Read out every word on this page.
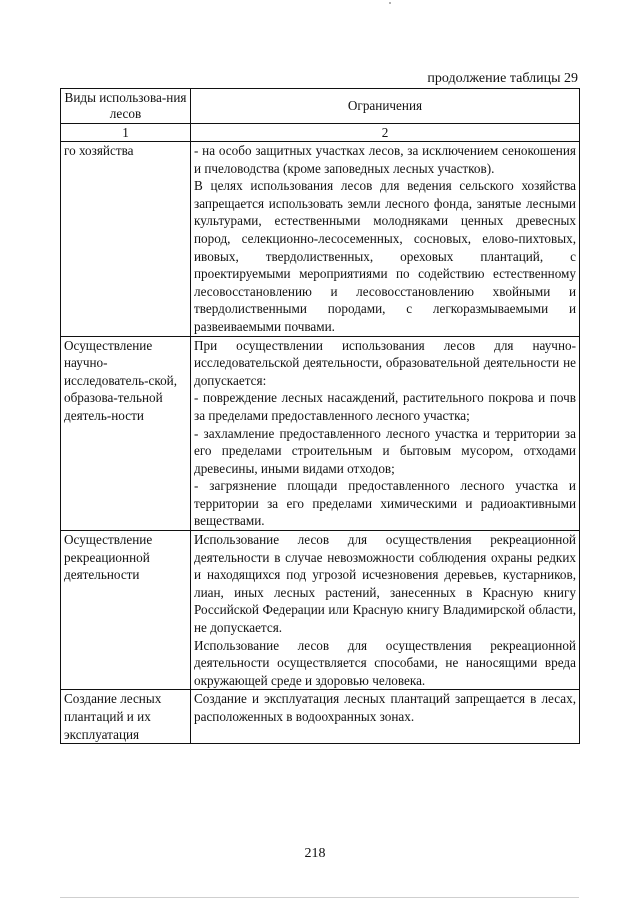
продолжение таблицы 29
Виды использова-ния лесов	Ограничения
1	2
го хозяйства	- на особо защитных участках лесов, за исключением сенокошения и пчеловодства (кроме заповедных лесных участков).
В целях использования лесов для ведения сельского хозяйства запрещается использовать земли лесного фонда, занятые лесными культурами, естественными молодняками ценных древесных пород, селекционно-лесосеменных, сосновых, елово-пихтовых, ивовых, твердолиственных, ореховых плантаций, с проектируемыми мероприятиями по содействию естественному лесовосстановлению и лесовосстановлению хвойными и твердолиственными породами, с легкоразмываемыми и развеиваемыми почвами.

Осуществление научно-исследователь-ской, образова-тельной деятель-ности	При осуществлении использования лесов для научно-исследовательской деятельности, образовательной деятельности не допускается:
- повреждение лесных насаждений, растительного покрова и почв за пределами предоставленного лесного участка;
- захламление предоставленного лесного участка и территории за его пределами строительным и бытовым мусором, отходами древесины, иными видами отходов;
- загрязнение площади предоставленного лесного участка и территории за его пределами химическими и радиоактивными веществами.

Осуществление рекреационной деятельности	Использование лесов для осуществления рекреационной деятельности в случае невозможности соблюдения охраны редких и находящихся под угрозой исчезновения деревьев, кустарников, лиан, иных лесных растений, занесенных в Красную книгу Российской Федерации или Красную книгу Владимирской области, не допускается.
Использование лесов для осуществления рекреационной деятельности осуществляется способами, не наносящими вреда окружающей среде и здоровью человека.

Создание лесных плантаций и их эксплуатация	Создание и эксплуатация лесных плантаций запрещается в лесах, расположенных в водоохранных зонах.
218
